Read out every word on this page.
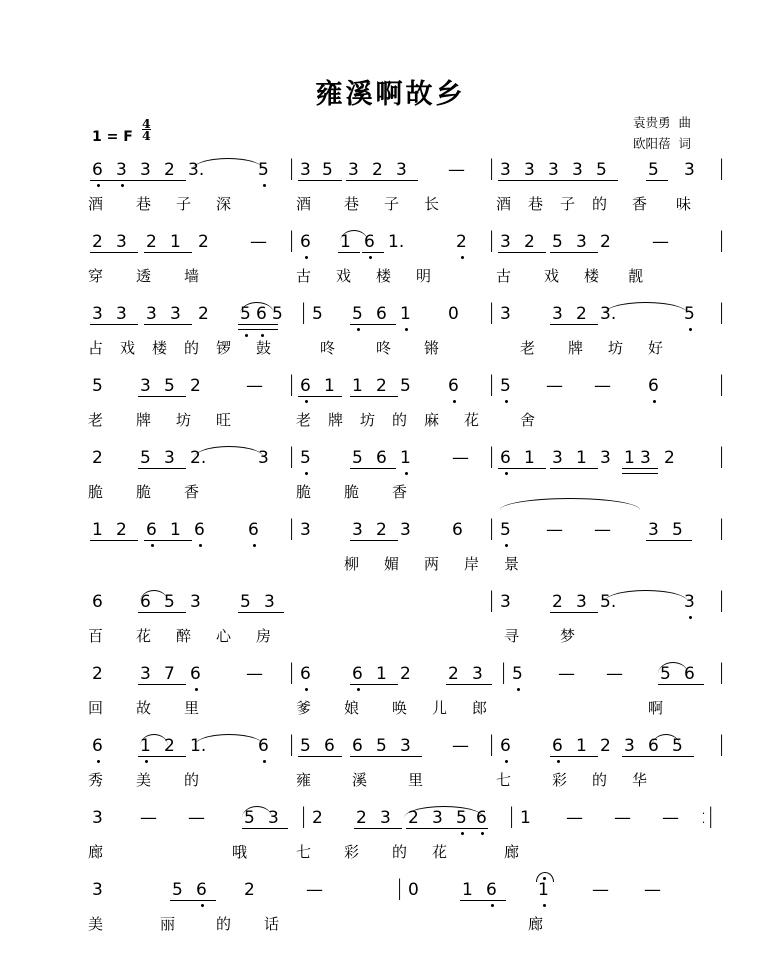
雍溪啊故乡
袁贵勇  曲
欧阳蓓  词
1 = F $\frac{4}{4}$
6 3 3 2 3.	5 | 3 5 3 2 3 — | 3 3 3 3 5 5 3 |
酒 巷 子 深	酒 巷 子 长	酒 巷 子 的 香 味
2 3 2 1 2 — | 6 1 6 1.	2 | 3 2 5 3 2 — |
穿 透 墙	古 戏 楼 明	古 戏 楼 靓
3 3 3 3 2 5 6 5 | 5 5 6 1 0 | 3 3 2 3.	5 |
占 戏 楼 的 锣 鼓	咚	咚 锵	老 牌 坊 好
5 3 5 2	— | 6 1 1 2 5 6 | 5 — — 6	|
老 牌 坊 旺	老 牌 坊 的 麻 花	舍
2 5 3 2.	3 | 5 5 6 1 — | 6 1 3 1 3 1 3 2 |
脆 脆 香	脆 脆 香
1 2 6 1 6	6 | 3 3 2 3 6 | 5 — — 3 5 |
柳 媚 两 岸 景
6 6 5 3 5 3	| 3 2 3 5.	3 |
百 花 醉 心 房	寻	梦
2 3 7 6	— | 6 6 1 2 2 3 | 5 — — 5 6 |
回 故 里	爹 娘 唤 儿 郎	啊
6 1 2 1.	6 | 5 6 6 5 3 — | 6 6 1 2 3 6 5 |
秀 美 的	雍	溪	里	七	彩 的 华
3 — — 5 3 | 2 2 3 2 3 5 6 | 1 — — — :|
廊	哦	七 彩 的 花	廊
3	5 6 2	—	| 0	1 6 1	— —
美	丽	的 话	廊
